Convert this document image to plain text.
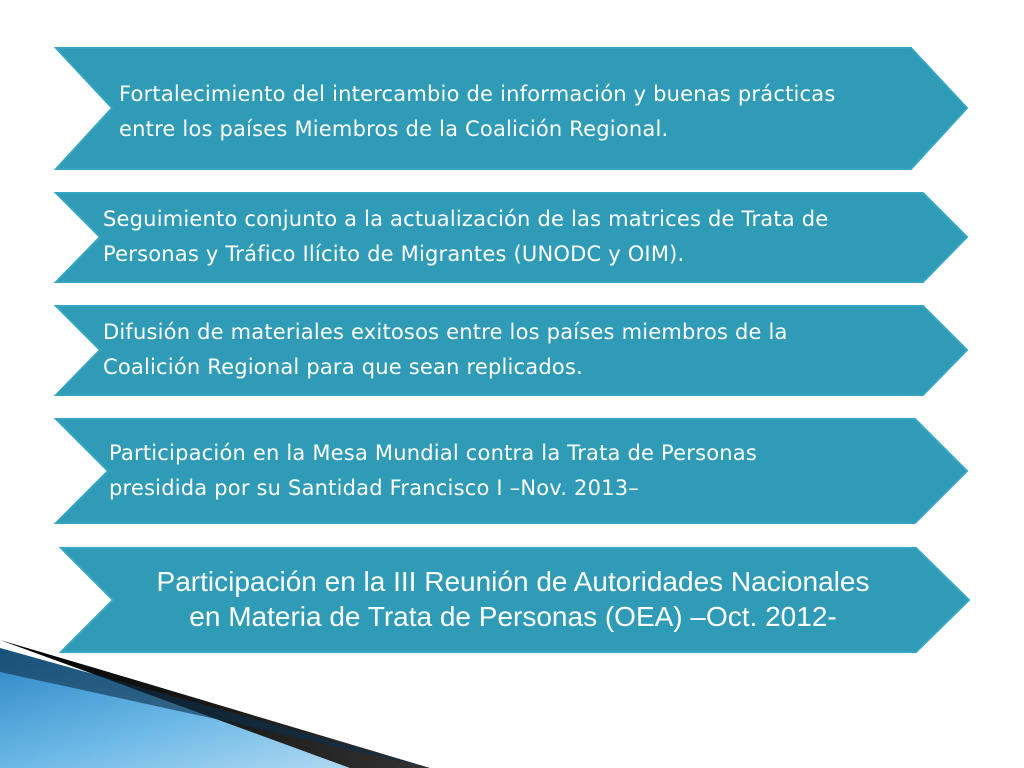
Fortalecimiento del intercambio de información y buenas prácticas
entre los países Miembros de la Coalición Regional.
Seguimiento conjunto a la actualización de las matrices de Trata de
Personas y Tráfico Ilícito de Migrantes (UNODC y OIM).
Difusión de materiales exitosos entre los países miembros de la
Coalición Regional para que sean replicados.
Participación en la Mesa Mundial contra la Trata de Personas
presidida por su Santidad Francisco I –Nov. 2013–
Participación en la III Reunión de Autoridades Nacionales
en Materia de Trata de Personas (OEA) –Oct. 2012-
